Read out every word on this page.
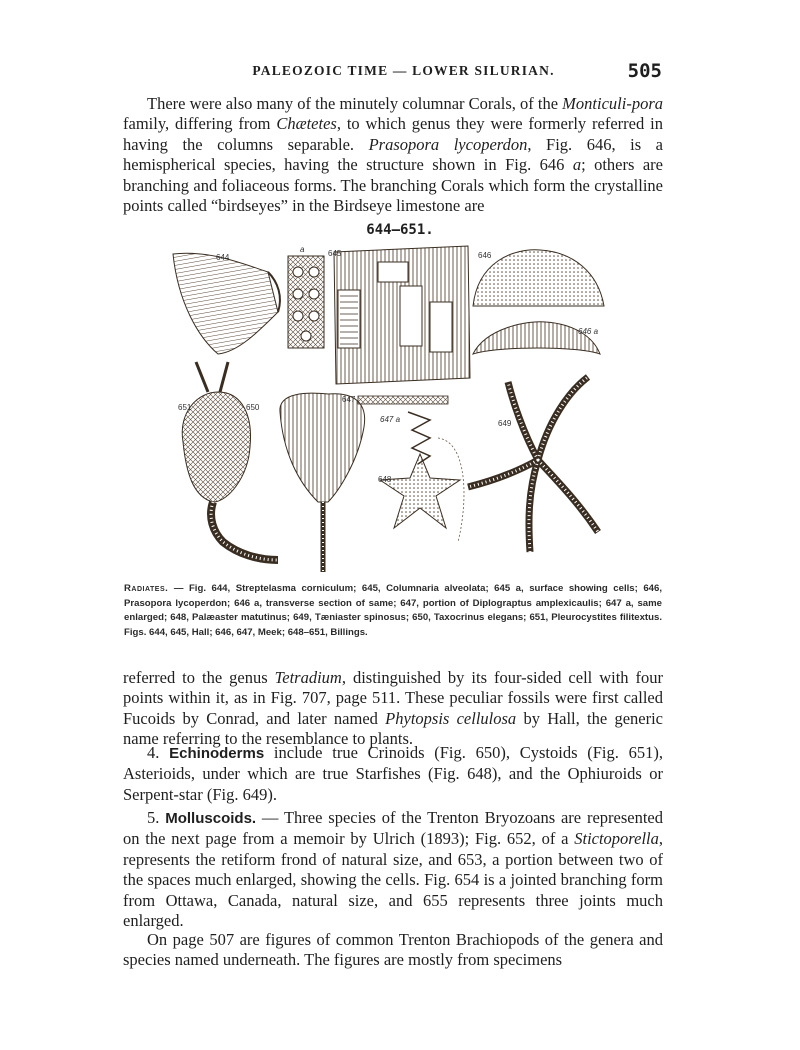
PALEOZOIC TIME — LOWER SILURIAN.	505

There were also many of the minutely columnar Corals, of the Monticuli-pora family, differing from Chætetes, to which genus they were formerly referred in having the columns separable. Prasopora lycoperdon, Fig. 646, is a hemispherical species, having the structure shown in Fig. 646 a; others are branching and foliaceous forms. The branching Corals which form the crystalline points called “birdseyes” in the Birdseye limestone are

644–651.
644
a	645	646
646 a
651	650
647
647 a
648
649
Radiates. — Fig. 644, Streptelasma corniculum; 645, Columnaria alveolata; 645 a, surface showing cells; 646, Prasopora lycoperdon; 646 a, transverse section of same; 647, portion of Diplograptus amplexicaulis; 647 a, same enlarged; 648, Palæaster matutinus; 649, Tæniaster spinosus; 650, Taxocrinus elegans; 651, Pleurocystites filitextus. Figs. 644, 645, Hall; 646, 647, Meek; 648–651, Billings.

referred to the genus Tetradium, distinguished by its four-sided cell with four points within it, as in Fig. 707, page 511. These peculiar fossils were first called Fucoids by Conrad, and later named Phytopsis cellulosa by Hall, the generic name referring to the resemblance to plants.

4. Echinoderms include true Crinoids (Fig. 650), Cystoids (Fig. 651), Asterioids, under which are true Starfishes (Fig. 648), and the Ophiuroids or Serpent-star (Fig. 649).

5. Molluscoids. — Three species of the Trenton Bryozoans are represented on the next page from a memoir by Ulrich (1893); Fig. 652, of a Stictoporella, represents the retiform frond of natural size, and 653, a portion between two of the spaces much enlarged, showing the cells. Fig. 654 is a jointed branching form from Ottawa, Canada, natural size, and 655 represents three joints much enlarged.

On page 507 are figures of common Trenton Brachiopods of the genera and species named underneath. The figures are mostly from specimens
